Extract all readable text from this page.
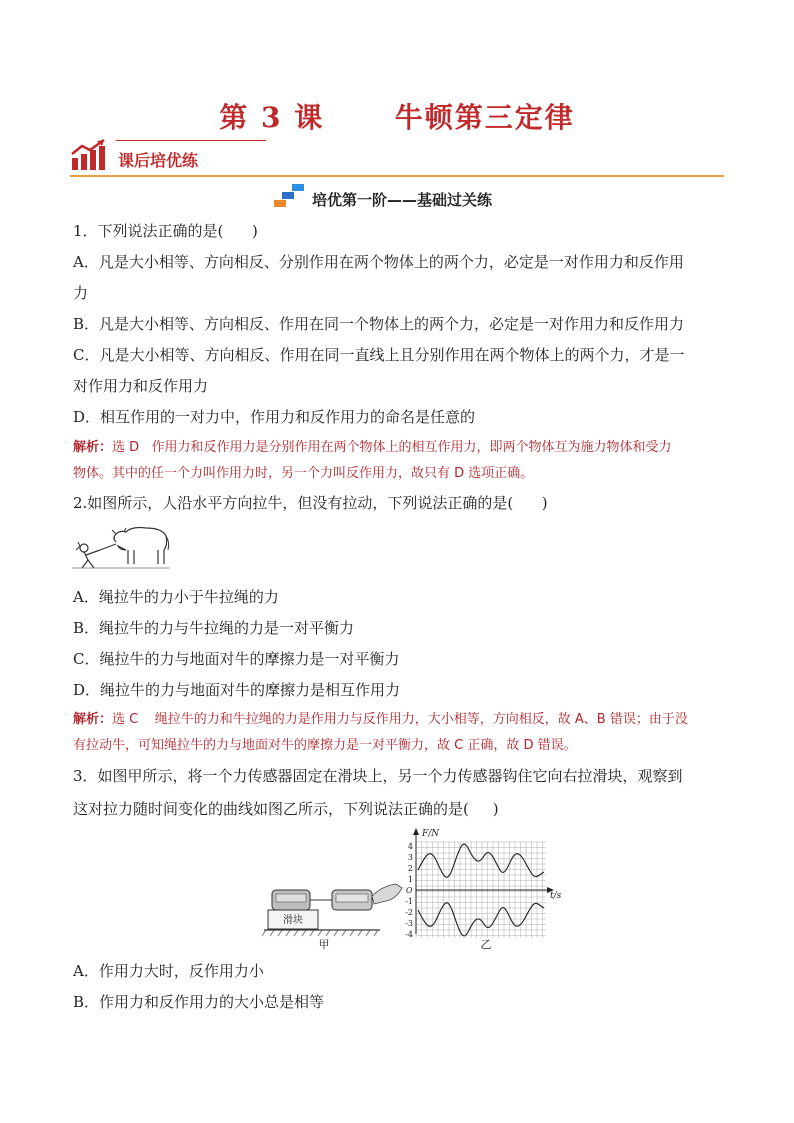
第 3 课      牛顿第三定律
课后培优练
培优第一阶——基础过关练
1．下列说法正确的是(      )
A．凡是大小相等、方向相反、分别作用在两个物体上的两个力，必定是一对作用力和反作用
力
B．凡是大小相等、方向相反、作用在同一个物体上的两个力，必定是一对作用力和反作用力
C．凡是大小相等、方向相反、作用在同一直线上且分别作用在两个物体上的两个力，才是一
对作用力和反作用力
D．相互作用的一对力中，作用力和反作用力的命名是任意的
解析：选 D   作用力和反作用力是分别作用在两个物体上的相互作用力，即两个物体互为施力物体和受力
物体。其中的任一个力叫作用力时，另一个力叫反作用力，故只有 D 选项正确。
2.如图所示，人沿水平方向拉牛，但没有拉动，下列说法正确的是(      )
A．绳拉牛的力小于牛拉绳的力
B．绳拉牛的力与牛拉绳的力是一对平衡力
C．绳拉牛的力与地面对牛的摩擦力是一对平衡力
D．绳拉牛的力与地面对牛的摩擦力是相互作用力
解析：选 C    绳拉牛的力和牛拉绳的力是作用力与反作用力，大小相等，方向相反，故 A、B 错误；由于没
有拉动牛，可知绳拉牛的力与地面对牛的摩擦力是一对平衡力，故 C 正确，故 D 错误。
3．如图甲所示，将一个力传感器固定在滑块上，另一个力传感器钩住它向右拉滑块，观察到
这对拉力随时间变化的曲线如图乙所示，下列说法正确的是(     )
滑块
甲
F/N
t/s
O
4
3
2
1
-1
-2
-3
-4
乙
A．作用力大时，反作用力小
B．作用力和反作用力的大小总是相等
